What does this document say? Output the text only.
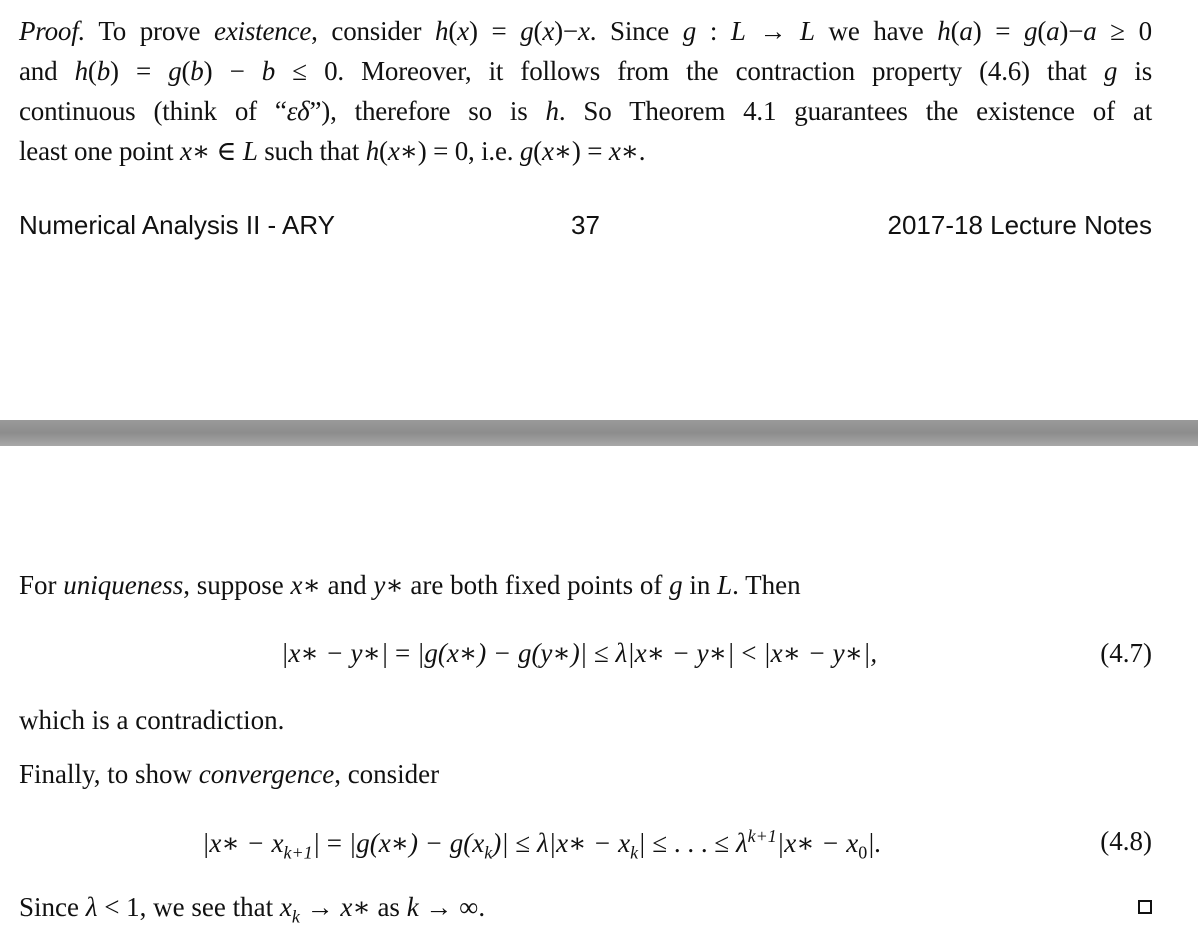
Proof. To prove existence, consider h(x) = g(x)−x. Since g : L → L we have h(a) = g(a)−a ≥ 0
and h(b) = g(b) − b ≤ 0. Moreover, it follows from the contraction property (4.6) that g is
continuous (think of “εδ”), therefore so is h. So Theorem 4.1 guarantees the existence of at
least one point x∗ ∈ L such that h(x∗) = 0, i.e. g(x∗) = x∗.
Numerical Analysis II - ARY	37	2017-18 Lecture Notes
For uniqueness, suppose x∗ and y∗ are both fixed points of g in L. Then
|x∗ − y∗| = |g(x∗) − g(y∗)| ≤ λ|x∗ − y∗| < |x∗ − y∗|,	(4.7)
which is a contradiction.
Finally, to show convergence, consider
|x∗ − $x_{k+1}|$ = |g(x∗) − $g(x_k)|$ ≤ λ|x∗ − $x_k|$ ≤ . . . ≤ $\lambda^{k+1}|x∗ - x_0|$.	(4.8)
Since λ < 1, we see that $x_k$ → x∗ as k → ∞.
